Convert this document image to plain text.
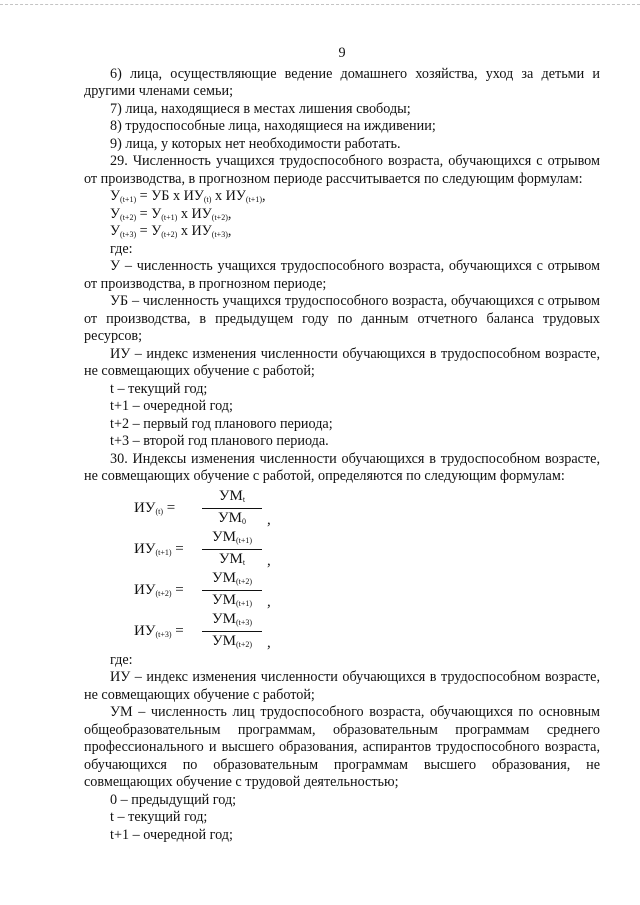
9

6) лица, осуществляющие ведение домашнего хозяйства, уход за детьми и другими членами семьи;

7) лица, находящиеся в местах лишения свободы;

8) трудоспособные лица, находящиеся на иждивении;

9) лица, у которых нет необходимости работать.

29. Численность учащихся трудоспособного возраста, обучающихся с отрывом от производства, в прогнозном периоде рассчитывается по следующим формулам:

$У_{(t+1)}$ = УБ х $ИУ_{(t)}$ х $ИУ_{(t+1)}$,

$У_{(t+2)} = У_{(t+1)}$ х $ИУ_{(t+2)}$,

$У_{(t+3)} = У_{(t+2)}$ х $ИУ_{(t+3)}$,

где:

У – численность учащихся трудоспособного возраста, обучающихся с отрывом от производства, в прогнозном периоде;

УБ – численность учащихся трудоспособного возраста, обучающихся с отрывом от производства, в предыдущем году по данным отчетного баланса трудовых ресурсов;

ИУ – индекс изменения численности обучающихся в трудоспособном возрасте, не совмещающих обучение с работой;

t – текущий год;

t+1 – очередной год;

t+2 – первый год планового периода;

t+3 – второй год планового периода.

30. Индексы изменения численности обучающихся в трудоспособном возрасте, не совмещающих обучение с работой, определяются по следующим формулам:

$ИУ_{(t)}$ =
$УМ_t$
$УМ_0$	,
$ИУ_{(t+1)}$ =
$УМ_{(t+1)}$
$УМ_t$	,
$ИУ_{(t+2)}$ =
$УМ_{(t+2)}$
$УМ_{(t+1)}$ ,
$ИУ_{(t+3)}$ =
$УМ_{(t+3)}$
$УМ_{(t+2)}$ ,

где:

ИУ – индекс изменения численности обучающихся в трудоспособном возрасте, не совмещающих обучение с работой;

УМ – численность лиц трудоспособного возраста, обучающихся по основным общеобразовательным программам, образовательным программам среднего профессионального и высшего образования, аспирантов трудоспособного возраста, обучающихся по образовательным программам высшего образования, не совмещающих обучение с трудовой деятельностью;

0 – предыдущий год;

t – текущий год;

t+1 – очередной год;
